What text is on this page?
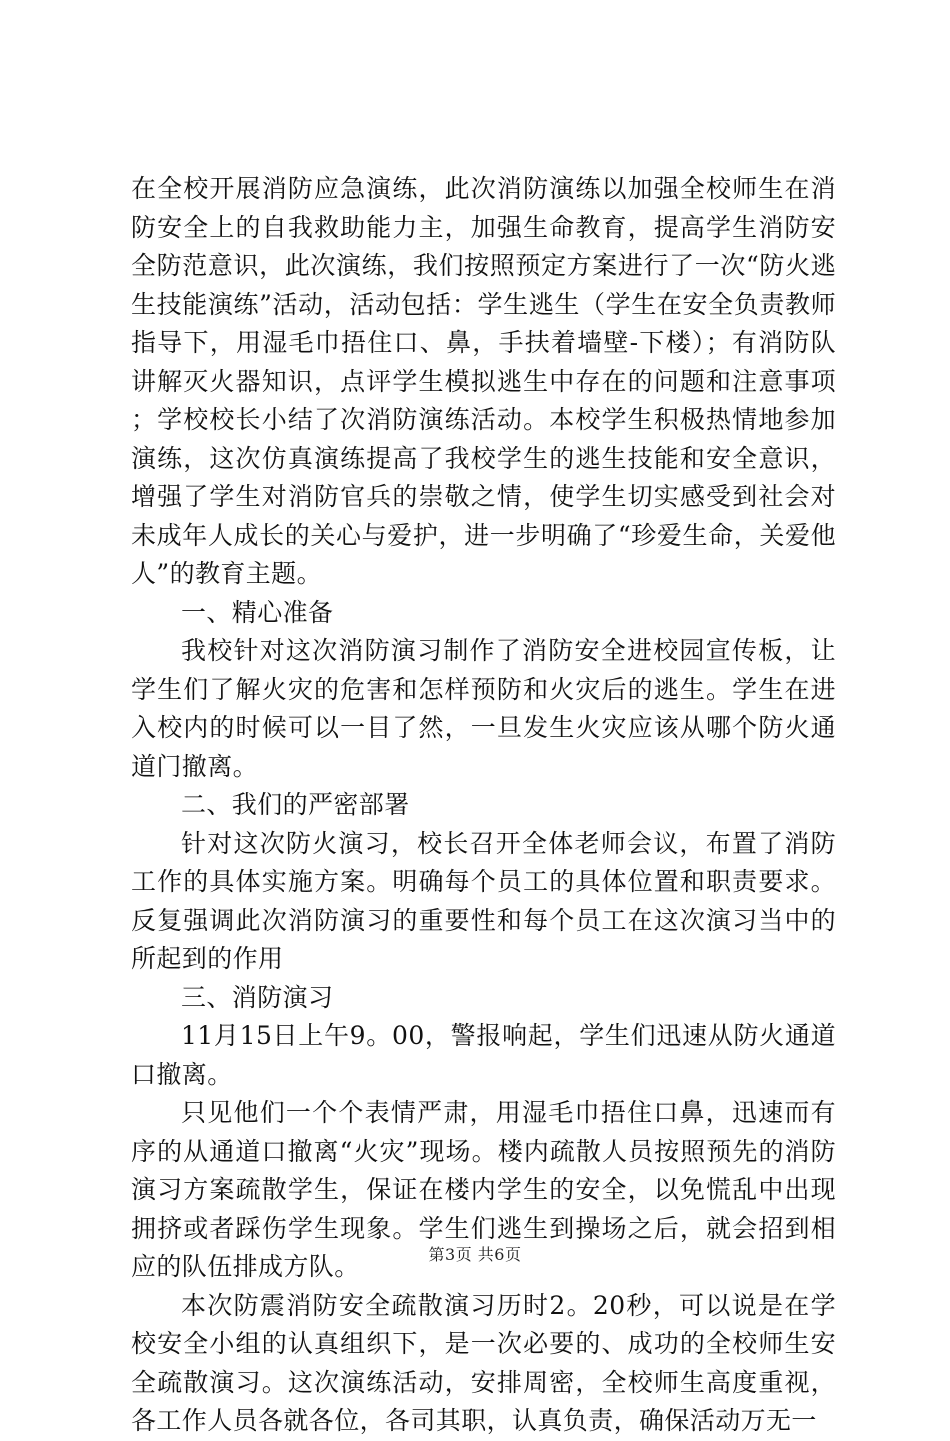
在全校开展消防应急演练，此次消防演练以加强全校师生在消防安全上的自我救助能力主，加强生命教育，提高学生消防安全防范意识，此次演练，我们按照预定方案进行了一次“防火逃生技能演练”活动，活动包括：学生逃生（学生在安全负责教师指导下，用湿毛巾捂住口、鼻，手扶着墙壁-下楼）；有消防队讲解灭火器知识，点评学生模拟逃生中存在的问题和注意事项；学校校长小结了次消防演练活动。本校学生积极热情地参加演练，这次仿真演练提高了我校学生的逃生技能和安全意识，增强了学生对消防官兵的崇敬之情，使学生切实感受到社会对未成年人成长的关心与爱护，进一步明确了“珍爱生命，关爱他人”的教育主题。

一、精心准备

我校针对这次消防演习制作了消防安全进校园宣传板，让学生们了解火灾的危害和怎样预防和火灾后的逃生。学生在进入校内的时候可以一目了然，一旦发生火灾应该从哪个防火通道门撤离。

二、我们的严密部署

针对这次防火演习，校长召开全体老师会议，布置了消防工作的具体实施方案。明确每个员工的具体位置和职责要求。反复强调此次消防演习的重要性和每个员工在这次演习当中的所起到的作用

三、消防演习

11月15日上午9。00，警报响起，学生们迅速从防火通道口撤离。

只见他们一个个表情严肃，用湿毛巾捂住口鼻，迅速而有序的从通道口撤离“火灾”现场。楼内疏散人员按照预先的消防演习方案疏散学生，保证在楼内学生的安全，以免慌乱中出现拥挤或者踩伤学生现象。学生们逃生到操场之后，就会招到相应的队伍排成方队。

本次防震消防安全疏散演习历时2。20秒，可以说是在学校安全小组的认真组织下，是一次必要的、成功的全校师生安全疏散演习。这次演练活动，安排周密，全校师生高度重视，各工作人员各就各位，各司其职，认真负责，确保活动万无一

第3页 共6页
